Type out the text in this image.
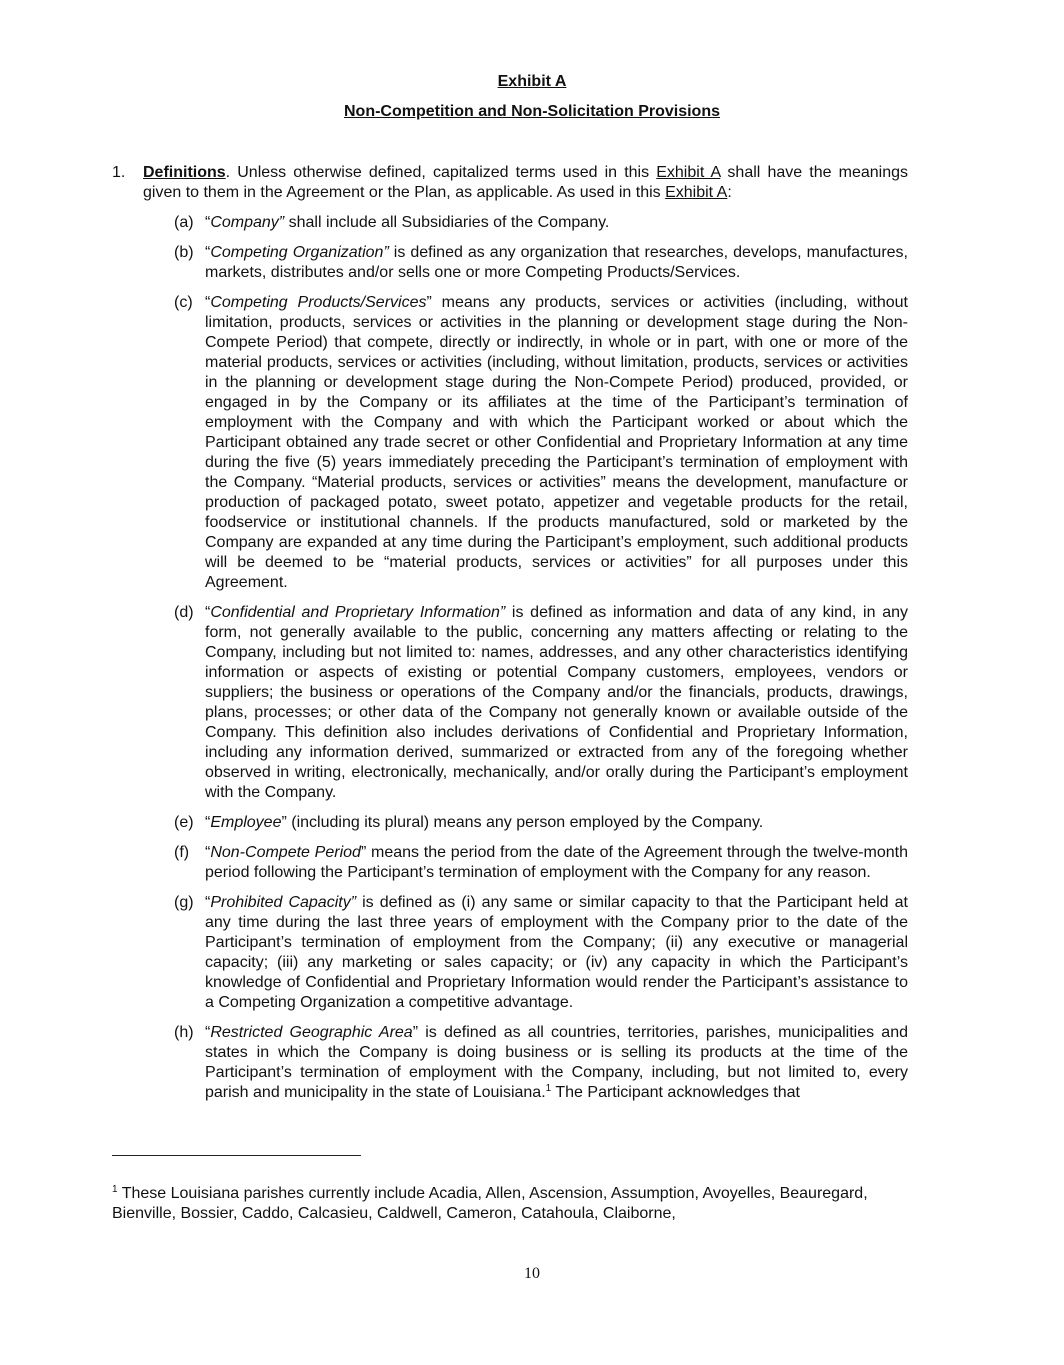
Exhibit A
Non-Competition and Non-Solicitation Provisions
1. Definitions. Unless otherwise defined, capitalized terms used in this Exhibit A shall have the meanings given to them in the Agreement or the Plan, as applicable. As used in this Exhibit A:
(a) “Company” shall include all Subsidiaries of the Company.
(b) “Competing Organization” is defined as any organization that researches, develops, manufactures, markets, distributes and/or sells one or more Competing Products/Services.
(c) “Competing Products/Services” means any products, services or activities (including, without limitation, products, services or activities in the planning or development stage during the Non-Compete Period) that compete, directly or indirectly, in whole or in part, with one or more of the material products, services or activities (including, without limitation, products, services or activities in the planning or development stage during the Non-Compete Period) produced, provided, or engaged in by the Company or its affiliates at the time of the Participant’s termination of employment with the Company and with which the Participant worked or about which the Participant obtained any trade secret or other Confidential and Proprietary Information at any time during the five (5) years immediately preceding the Participant’s termination of employment with the Company. “Material products, services or activities” means the development, manufacture or production of packaged potato, sweet potato, appetizer and vegetable products for the retail, foodservice or institutional channels. If the products manufactured, sold or marketed by the Company are expanded at any time during the Participant’s employment, such additional products will be deemed to be “material products, services or activities” for all purposes under this Agreement.
(d) “Confidential and Proprietary Information” is defined as information and data of any kind, in any form, not generally available to the public, concerning any matters affecting or relating to the Company, including but not limited to: names, addresses, and any other characteristics identifying information or aspects of existing or potential Company customers, employees, vendors or suppliers; the business or operations of the Company and/or the financials, products, drawings, plans, processes; or other data of the Company not generally known or available outside of the Company. This definition also includes derivations of Confidential and Proprietary Information, including any information derived, summarized or extracted from any of the foregoing whether observed in writing, electronically, mechanically, and/or orally during the Participant’s employment with the Company.
(e) “Employee” (including its plural) means any person employed by the Company.
(f) “Non-Compete Period” means the period from the date of the Agreement through the twelve-month period following the Participant’s termination of employment with the Company for any reason.
(g) “Prohibited Capacity” is defined as (i) any same or similar capacity to that the Participant held at any time during the last three years of employment with the Company prior to the date of the Participant’s termination of employment from the Company; (ii) any executive or managerial capacity; (iii) any marketing or sales capacity; or (iv) any capacity in which the Participant’s knowledge of Confidential and Proprietary Information would render the Participant’s assistance to a Competing Organization a competitive advantage.
(h) “Restricted Geographic Area” is defined as all countries, territories, parishes, municipalities and states in which the Company is doing business or is selling its products at the time of the Participant’s termination of employment with the Company, including, but not limited to, every parish and municipality in the state of Louisiana.$^1$ The Participant acknowledges that
$^1$ These Louisiana parishes currently include Acadia, Allen, Ascension, Assumption, Avoyelles, Beauregard, Bienville, Bossier, Caddo, Calcasieu, Caldwell, Cameron, Catahoula, Claiborne,
10
